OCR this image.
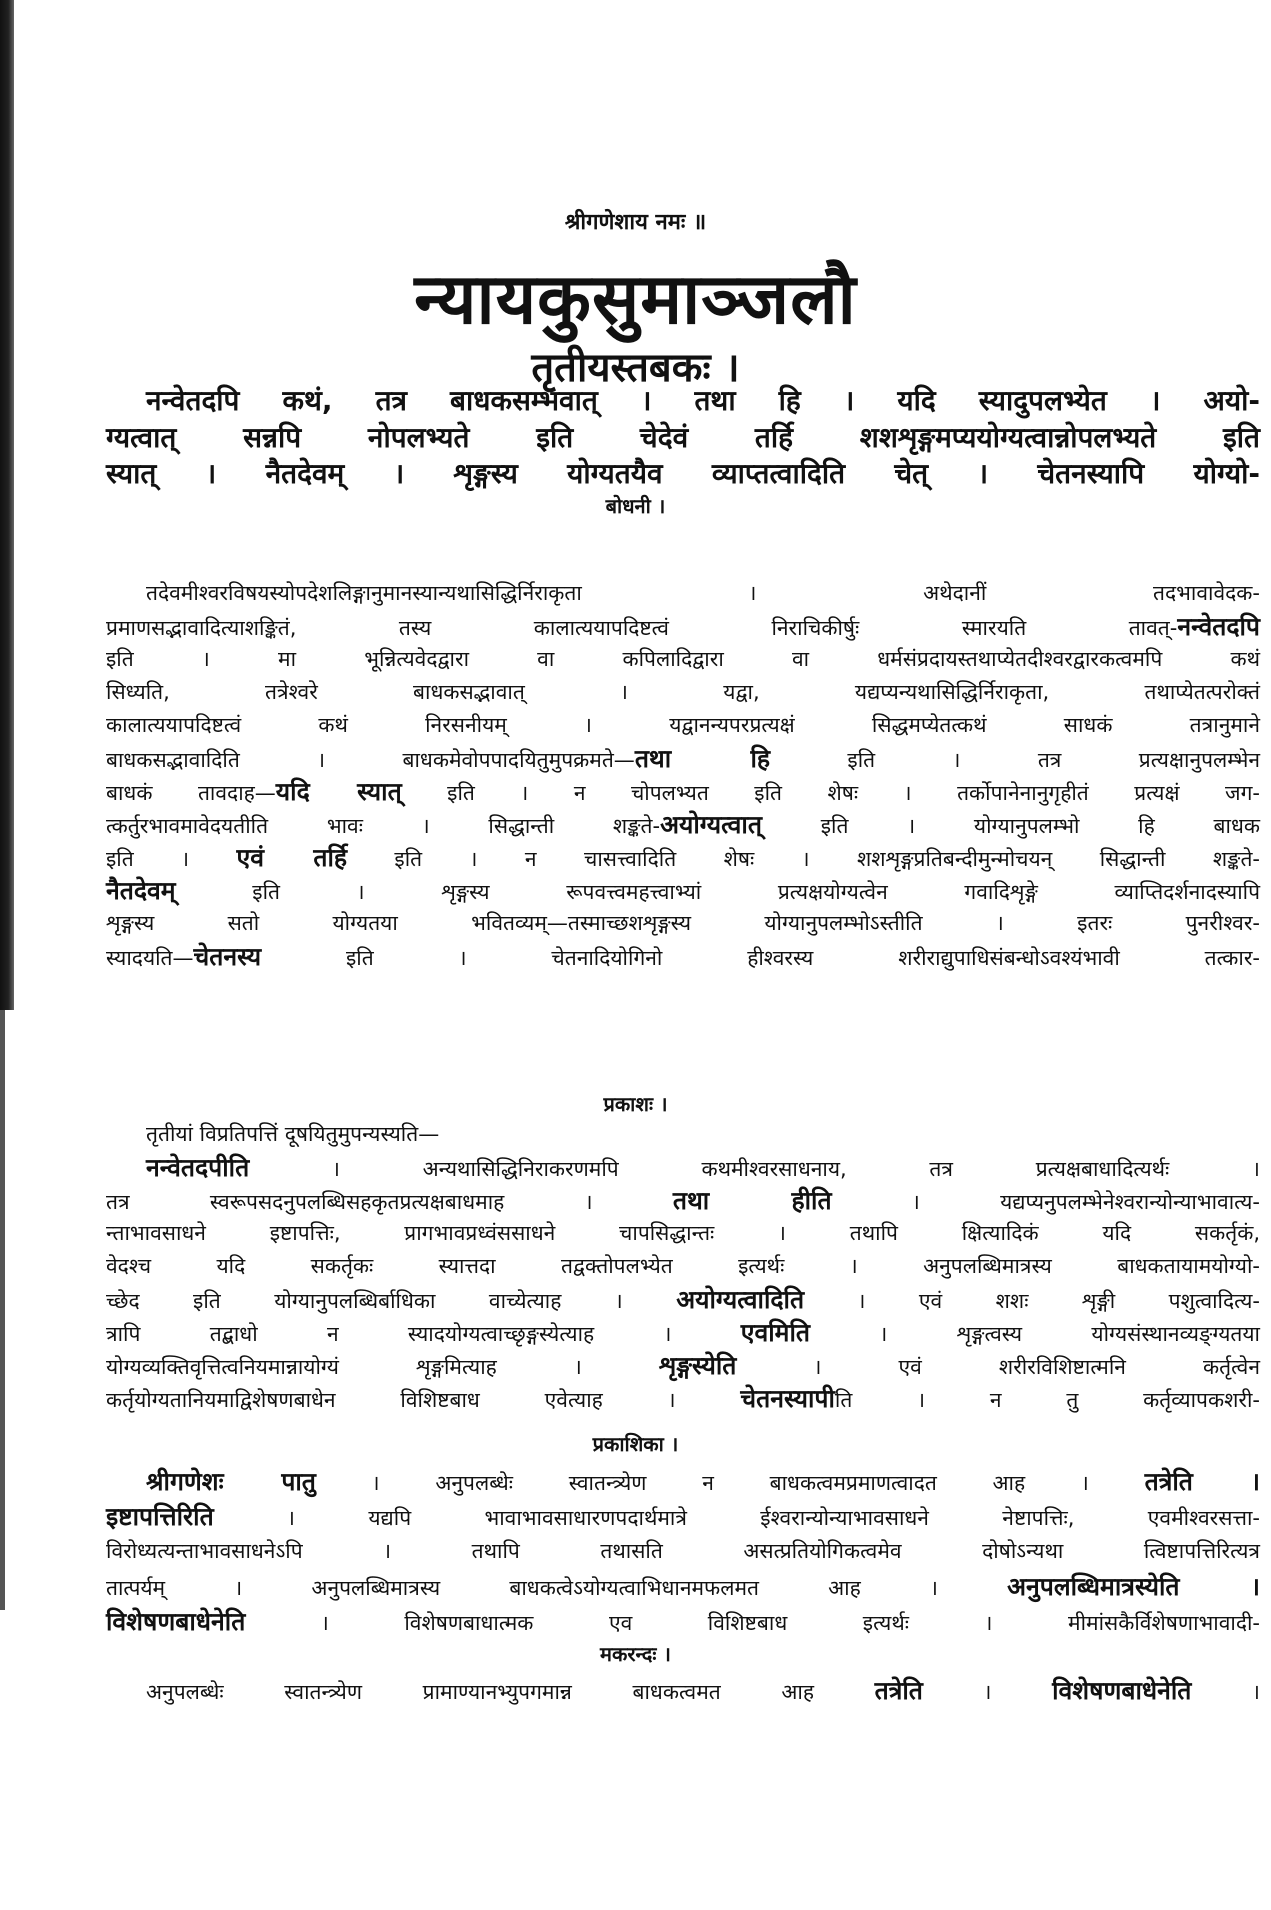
श्रीगणेशाय नमः ॥
न्यायकुसुमाञ्जलौ
तृतीयस्तबकः ।
नन्वेतदपि कथं, तत्र बाधकसम्भवात् । तथा हि । यदि स्यादुपलभ्येत । अयो-
ग्यत्वात् सन्नपि नोपलभ्यते इति चेदेवं तर्हि शशशृङ्गमप्ययोग्यत्वान्नोपलभ्यते इति
स्यात् । नैतदेवम् । शृङ्गस्य योग्यतयैव व्याप्तत्वादिति चेत् । चेतनस्यापि योग्यो-
बोधनी ।
तदेवमीश्वरविषयस्योपदेशलिङ्गानुमानस्यान्यथासिद्धिर्निराकृता । अथेदानीं तदभावावेदक-
प्रमाणसद्भावादित्याशङ्कितं, तस्य कालात्ययापदिष्टत्वं निराचिकीर्षुः स्मारयति तावत्-नन्वेतदपि
इति । मा भून्नित्यवेदद्वारा वा कपिलादिद्वारा वा धर्मसंप्रदायस्तथाप्येतदीश्वरद्वारकत्वमपि कथं
सिध्यति, तत्रेश्वरे बाधकसद्भावात् । यद्वा, यद्यप्यन्यथासिद्धिर्निराकृता, तथाप्येतत्परोक्तं
कालात्ययापदिष्टत्वं कथं निरसनीयम् । यद्वानन्यपरप्रत्यक्षं सिद्धमप्येतत्कथं साधकं तत्रानुमाने
बाधकसद्भावादिति । बाधकमेवोपपादयितुमुपक्रमते—तथा हि इति । तत्र प्रत्यक्षानुपलम्भेन
बाधकं तावदाह—यदि स्यात् इति । न चोपलभ्यत इति शेषः । तर्कोपानेनानुगृहीतं प्रत्यक्षं जग-
त्कर्तुरभावमावेदयतीति भावः । सिद्धान्ती शङ्कते-अयोग्यत्वात् इति । योग्यानुपलम्भो हि बाधक
इति । एवं तर्हि इति । न चासत्त्वादिति शेषः । शशशृङ्गप्रतिबन्दीमुन्मोचयन् सिद्धान्ती शङ्कते-
नैतदेवम् इति । शृङ्गस्य रूपवत्त्वमहत्त्वाभ्यां प्रत्यक्षयोग्यत्वेन गवादिशृङ्गे व्याप्तिदर्शनादस्यापि
शृङ्गस्य सतो योग्यतया भवितव्यम्—तस्माच्छशशृङ्गस्य योग्यानुपलम्भोऽस्तीति । इतरः पुनरीश्वर-
स्यादयति—चेतनस्य इति । चेतनादियोगिनो हीश्वरस्य शरीराद्युपाधिसंबन्धोऽवश्यंभावी तत्कार-
प्रकाशः ।
तृतीयां विप्रतिपत्तिं दूषयितुमुपन्यस्यति—
नन्वेतदपीति । अन्यथासिद्धिनिराकरणमपि कथमीश्वरसाधनाय, तत्र प्रत्यक्षबाधादित्यर्थः ।
तत्र स्वरूपसदनुपलब्धिसहकृतप्रत्यक्षबाधमाह । तथा हीति । यद्यप्यनुपलम्भेनेश्वरान्योन्याभावात्य-
न्ताभावसाधने इष्टापत्तिः, प्रागभावप्रध्वंससाधने चापसिद्धान्तः । तथापि क्षित्यादिकं यदि सकर्तृकं,
वेदश्च यदि सकर्तृकः स्यात्तदा तद्वक्तोपलभ्येत इत्यर्थः । अनुपलब्धिमात्रस्य बाधकतायामयोग्यो-
च्छेद इति योग्यानुपलब्धिर्बाधिका वाच्येत्याह । अयोग्यत्वादिति । एवं शशः शृङ्गी पशुत्वादित्य-
त्रापि तद्बाधो न स्यादयोग्यत्वाच्छृङ्गस्येत्याह । एवमिति । शृङ्गत्वस्य योग्यसंस्थानव्यङ्ग्यतया
योग्यव्यक्तिवृत्तित्वनियमान्नायोग्यं शृङ्गमित्याह । शृङ्गस्येति । एवं शरीरविशिष्टात्मनि कर्तृत्वेन
कर्तृयोग्यतानियमाद्विशेषणबाधेन विशिष्टबाध एवेत्याह । चेतनस्यापीति । न तु कर्तृव्यापकशरी-
प्रकाशिका ।
श्रीगणेशः पातु । अनुपलब्धेः स्वातन्त्र्येण न बाधकत्वमप्रमाणत्वादत आह । तत्रेति ।
इष्टापत्तिरिति । यद्यपि भावाभावसाधारणपदार्थमात्रे ईश्वरान्योन्याभावसाधने नेष्टापत्तिः, एवमीश्वरसत्ता-
विरोध्यत्यन्ताभावसाधनेऽपि । तथापि तथासति असत्प्रतियोगिकत्वमेव दोषोऽन्यथा त्विष्टापत्तिरित्यत्र
तात्पर्यम् । अनुपलब्धिमात्रस्य बाधकत्वेऽयोग्यत्वाभिधानमफलमत आह । अनुपलब्धिमात्रस्येति ।
विशेषणबाधेनेति । विशेषणबाधात्मक एव विशिष्टबाध इत्यर्थः । मीमांसकैर्विशेषणाभावादी-
मकरन्दः ।
अनुपलब्धेः स्वातन्त्र्येण प्रामाण्यानभ्युपगमान्न बाधकत्वमत आह तत्रेति । विशेषणबाधेनेति ।
